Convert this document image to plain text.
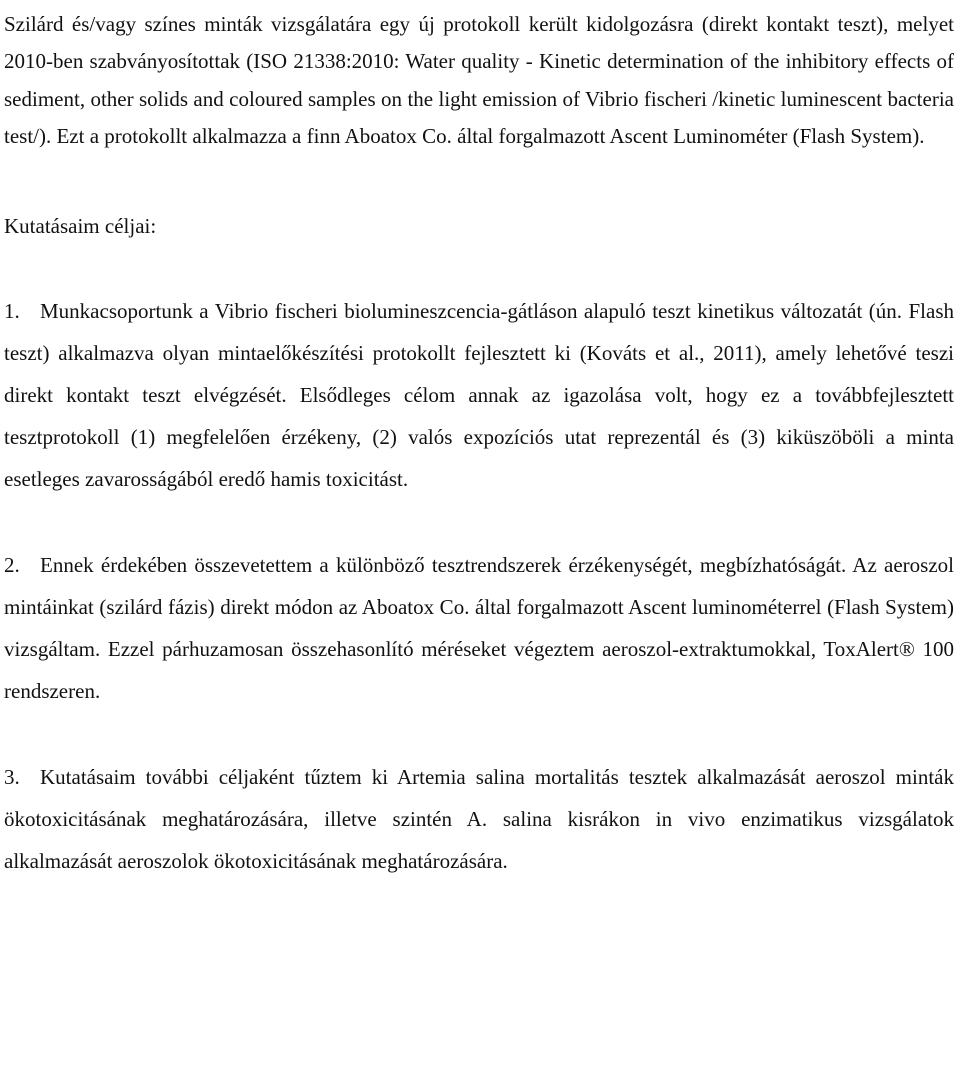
Szilárd és/vagy színes minták vizsgálatára egy új protokoll került kidolgozásra (direkt kontakt teszt), melyet 2010-ben szabványosítottak (ISO 21338:2010: Water quality - Kinetic determination of the inhibitory effects of sediment, other solids and coloured samples on the light emission of Vibrio fischeri /kinetic luminescent bacteria test/). Ezt a protokollt alkalmazza a finn Aboatox Co. által forgalmazott Ascent Luminométer (Flash System).

Kutatásaim céljai:

1. Munkacsoportunk a Vibrio fischeri biolumineszcencia-gátláson alapuló teszt kinetikus változatát (ún. Flash teszt) alkalmazva olyan mintaelőkészítési protokollt fejlesztett ki (Kováts et al., 2011), amely lehetővé teszi direkt kontakt teszt elvégzését. Elsődleges célom annak az igazolása volt, hogy ez a továbbfejlesztett tesztprotokoll (1) megfelelően érzékeny, (2) valós expozíciós utat reprezentál és (3) kiküszöböli a minta esetleges zavarosságából eredő hamis toxicitást.
2. Ennek érdekében összevetettem a különböző tesztrendszerek érzékenységét, megbízhatóságát. Az aeroszol mintáinkat (szilárd fázis) direkt módon az Aboatox Co. által forgalmazott Ascent luminométerrel (Flash System) vizsgáltam. Ezzel párhuzamosan összehasonlító méréseket végeztem aeroszol-extraktumokkal, ToxAlert® 100 rendszeren.
3. Kutatásaim további céljaként tűztem ki Artemia salina mortalitás tesztek alkalmazását aeroszol minták ökotoxicitásának meghatározására, illetve szintén A. salina kisrákon in vivo enzimatikus vizsgálatok alkalmazását aeroszolok ökotoxicitásának meghatározására.
